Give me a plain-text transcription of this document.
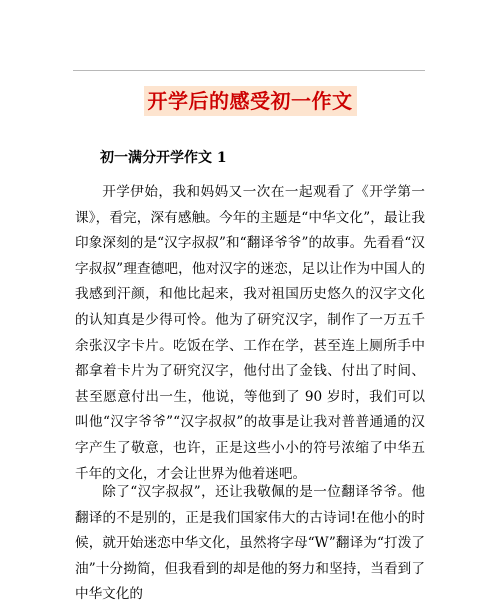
开学后的感受初一作文
初一满分开学作文 1

开学伊始，我和妈妈又一次在一起观看了《开学第一课》，看完，深有感触。今年的主题是“中华文化”，最让我印象深刻的是“汉字叔叔”和“翻译爷爷”的故事。先看看“汉字叔叔”理查德吧，他对汉字的迷恋，足以让作为中国人的我感到汗颜，和他比起来，我对祖国历史悠久的汉字文化的认知真是少得可怜。他为了研究汉字，制作了一万五千余张汉字卡片。吃饭在学、工作在学，甚至连上厕所手中都拿着卡片为了研究汉字，他付出了金钱、付出了时间、甚至愿意付出一生，他说，等他到了 90 岁时，我们可以叫他“汉字爷爷”“汉字叔叔”的故事是让我对普普通通的汉字产生了敬意，也许，正是这些小小的符号浓缩了中华五千年的文化，才会让世界为他着迷吧。

除了“汉字叔叔”，还让我敬佩的是一位翻译爷爷。他翻译的不是别的，正是我们国家伟大的古诗词!在他小的时候，就开始迷恋中华文化，虽然将字母“W”翻译为“打泼了油”十分拗简，但我看到的却是他的努力和坚持，当看到了中华文化的
